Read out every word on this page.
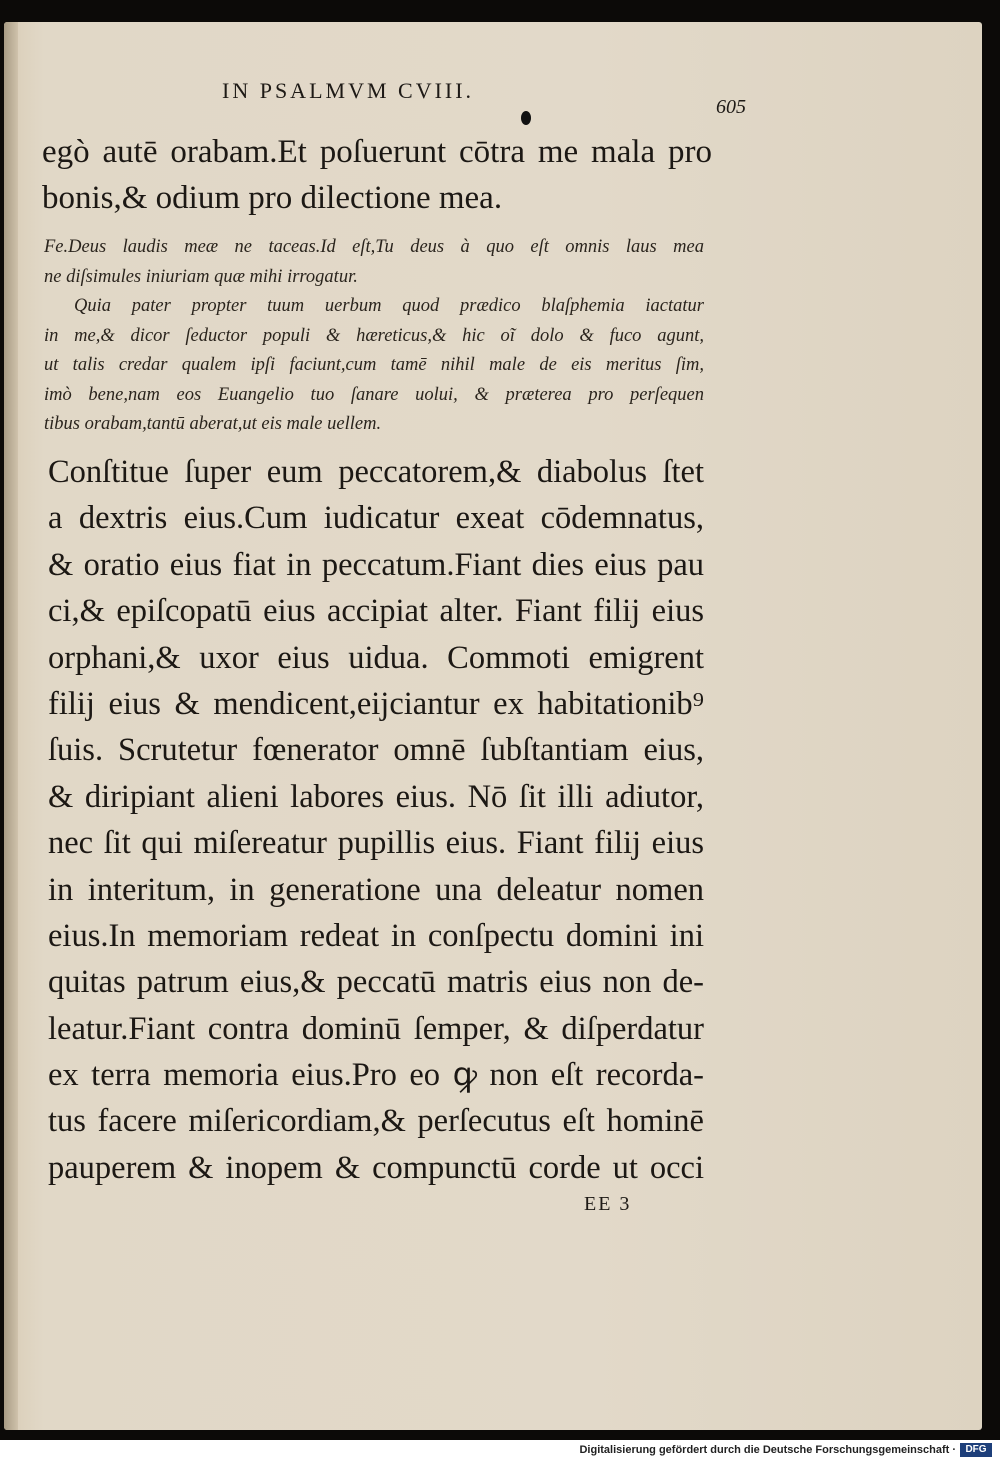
IN PSALMVM CVIII.
605
egò autē orabam.Et poſuerunt cōtra me mala pro
bonis,& odium pro dilectione mea.
Fe.Deus laudis meæ ne taceas.Id eſt,Tu deus à quo eſt omnis laus mea
ne diſsimules iniuriam quæ mihi irrogatur.
Quia pater propter tuum uerbum quod prædico blaſphemia iactatur
in me,& dicor ſeductor populi & hæreticus,& hic oĩ dolo & fuco agunt,
ut talis credar qualem ipſi faciunt,cum tamē nihil male de eis meritus ſim,
imò bene,nam eos Euangelio tuo ſanare uolui, & præterea pro perſequen
tibus orabam,tantū aberat,ut eis male uellem.
Conſtitue ſuper eum peccatorem,& diabolus ſtet
a dextris eius.Cum iudicatur exeat cōdemnatus,
& oratio eius fiat in peccatum.Fiant dies eius pau
ci,& epiſcopatū eius accipiat alter. Fiant filij eius
orphani,& uxor eius uidua. Commoti emigrent
filij eius & mendicent,eijciantur ex habitationib⁹
ſuis. Scrutetur fœnerator omnē ſubſtantiam eius,
& diripiant alieni labores eius. Nō ſit illi adiutor,
nec ſit qui miſereatur pupillis eius. Fiant filij eius
in interitum, in generatione una deleatur nomen
eius.In memoriam redeat in conſpectu domini ini
quitas patrum eius,& peccatū matris eius non de-
leatur.Fiant contra dominū ſemper, & diſperdatur
ex terra memoria eius.Pro eo ꝙ non eſt recorda-
tus facere miſericordiam,& perſecutus eſt hominē
pauperem & inopem & compunctū corde ut occi
EE 3
Digitalisierung gefördert durch die Deutsche Forschungsgemeinschaft · DFG
